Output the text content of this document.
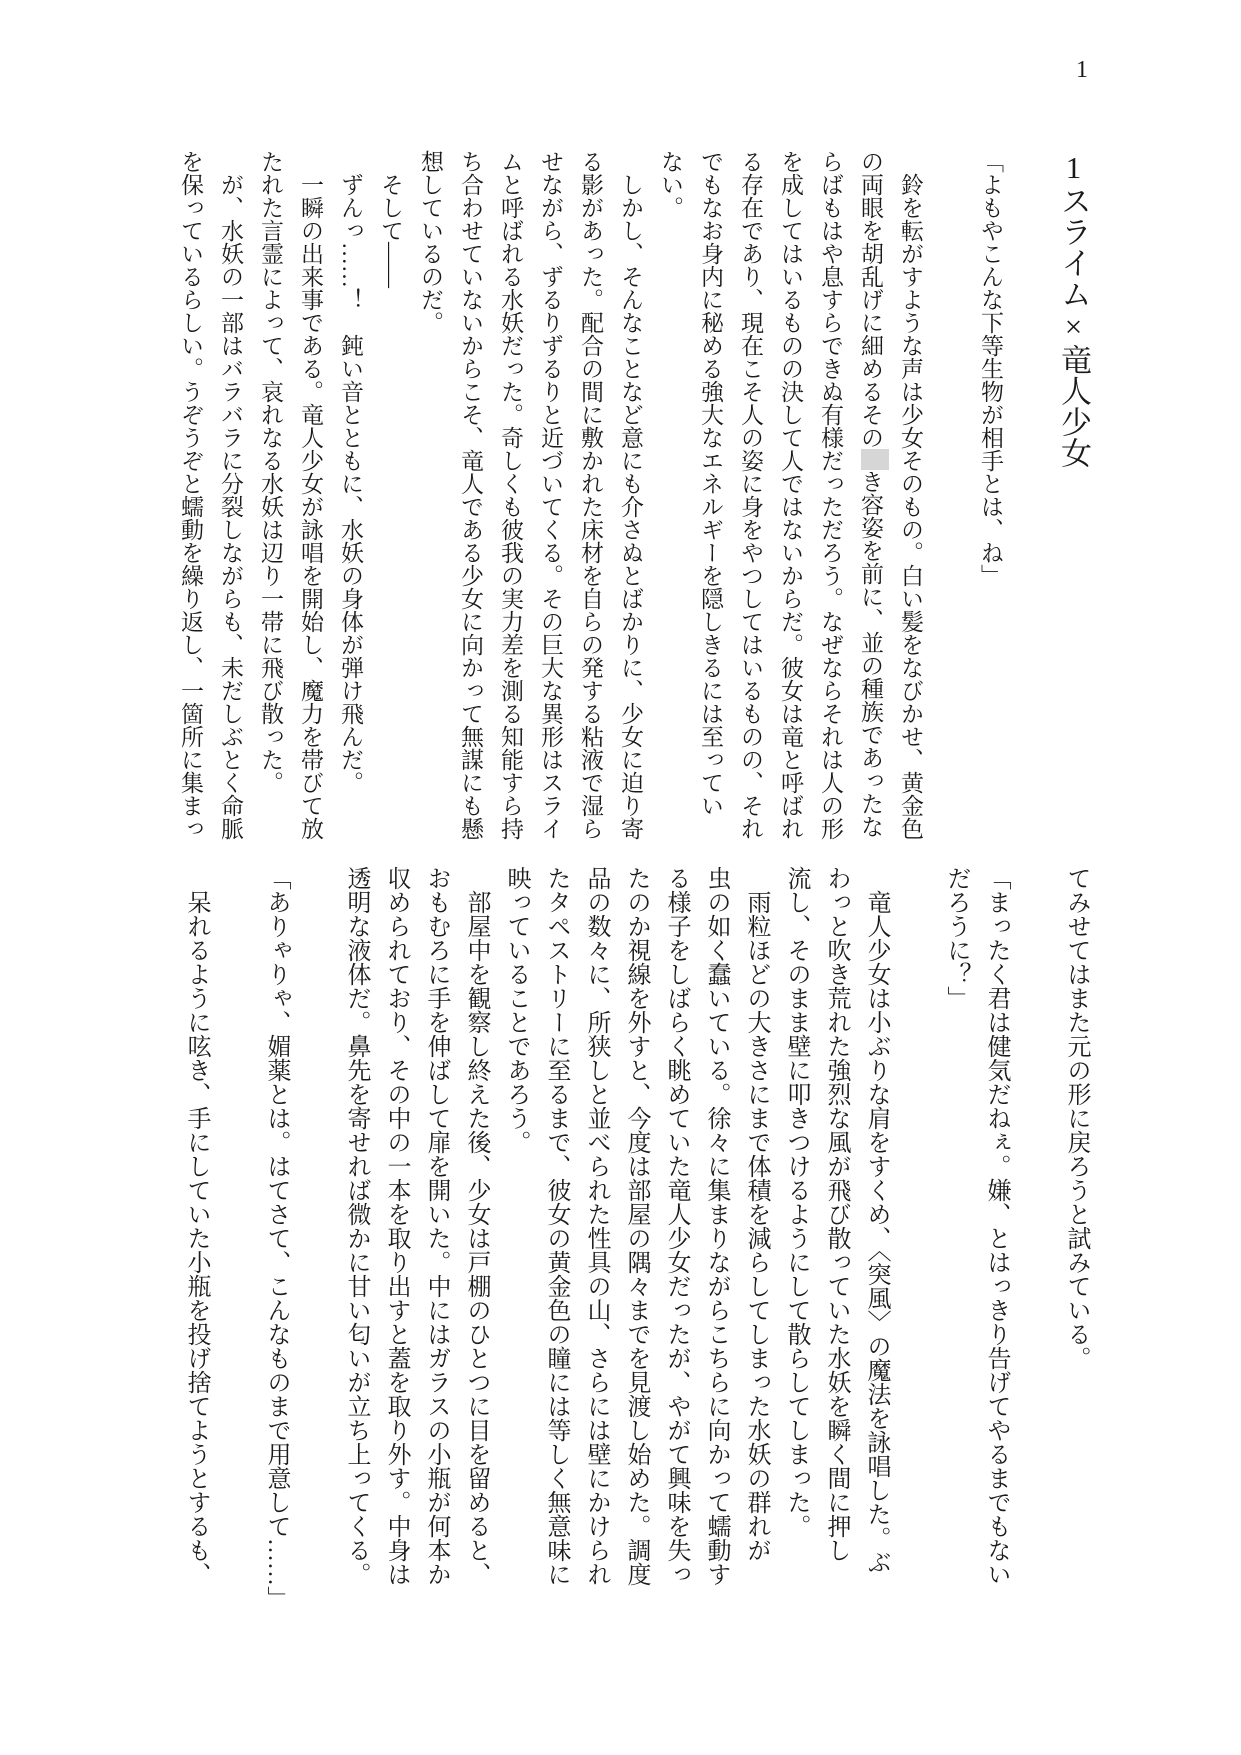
1
1スライム×竜人少女
「よもやこんな下等生物が相手とは、ね」
　鈴を転がすような声は少女そのもの。白い髪をなびかせ、黄金色
の両眼を胡乱げに細めるそのき容姿を前に、並の種族であったな
らばもはや息すらできぬ有様だっただろう。なぜならそれは人の形
を成してはいるものの決して人ではないからだ。彼女は竜と呼ばれ
る存在であり、現在こそ人の姿に身をやつしてはいるものの、それ
でもなお身内に秘める強大なエネルギーを隠しきるには至ってい
ない。
　しかし、そんなことなど意にも介さぬとばかりに、少女に迫り寄
る影があった。配合の間に敷かれた床材を自らの発する粘液で湿ら
せながら、ずるりずるりと近づいてくる。その巨大な異形はスライ
ムと呼ばれる水妖だった。奇しくも彼我の実力差を測る知能すら持
ち合わせていないからこそ、竜人である少女に向かって無謀にも懸
想しているのだ。
　そして――
　ずんっ……！　鈍い音とともに、水妖の身体が弾け飛んだ。
　一瞬の出来事である。竜人少女が詠唱を開始し、魔力を帯びて放
たれた言霊によって、哀れなる水妖は辺り一帯に飛び散った。
　が、水妖の一部はバラバラに分裂しながらも、未だしぶとく命脈
を保っているらしい。うぞうぞと蠕動を繰り返し、一箇所に集まっ
てみせてはまた元の形に戻ろうと試みている。
「まったく君は健気だねぇ。嫌、とはっきり告げてやるまでもない
だろうに？」
　竜人少女は小ぶりな肩をすくめ、〈突風〉の魔法を詠唱した。ぶ
わっと吹き荒れた強烈な風が飛び散っていた水妖を瞬く間に押し
流し、そのまま壁に叩きつけるようにして散らしてしまった。
　雨粒ほどの大きさにまで体積を減らしてしまった水妖の群れが
虫の如く蠢いている。徐々に集まりながらこちらに向かって蠕動す
る様子をしばらく眺めていた竜人少女だったが、やがて興味を失っ
たのか視線を外すと、今度は部屋の隅々までを見渡し始めた。調度
品の数々に、所狭しと並べられた性具の山、さらには壁にかけられ
たタペストリーに至るまで、彼女の黄金色の瞳には等しく無意味に
映っていることであろう。
　部屋中を観察し終えた後、少女は戸棚のひとつに目を留めると、
おもむろに手を伸ばして扉を開いた。中にはガラスの小瓶が何本か
収められており、その中の一本を取り出すと蓋を取り外す。中身は
透明な液体だ。鼻先を寄せれば微かに甘い匂いが立ち上ってくる。
「ありゃりゃ、媚薬とは。はてさて、こんなものまで用意して……」
　呆れるように呟き、手にしていた小瓶を投げ捨てようとするも、
